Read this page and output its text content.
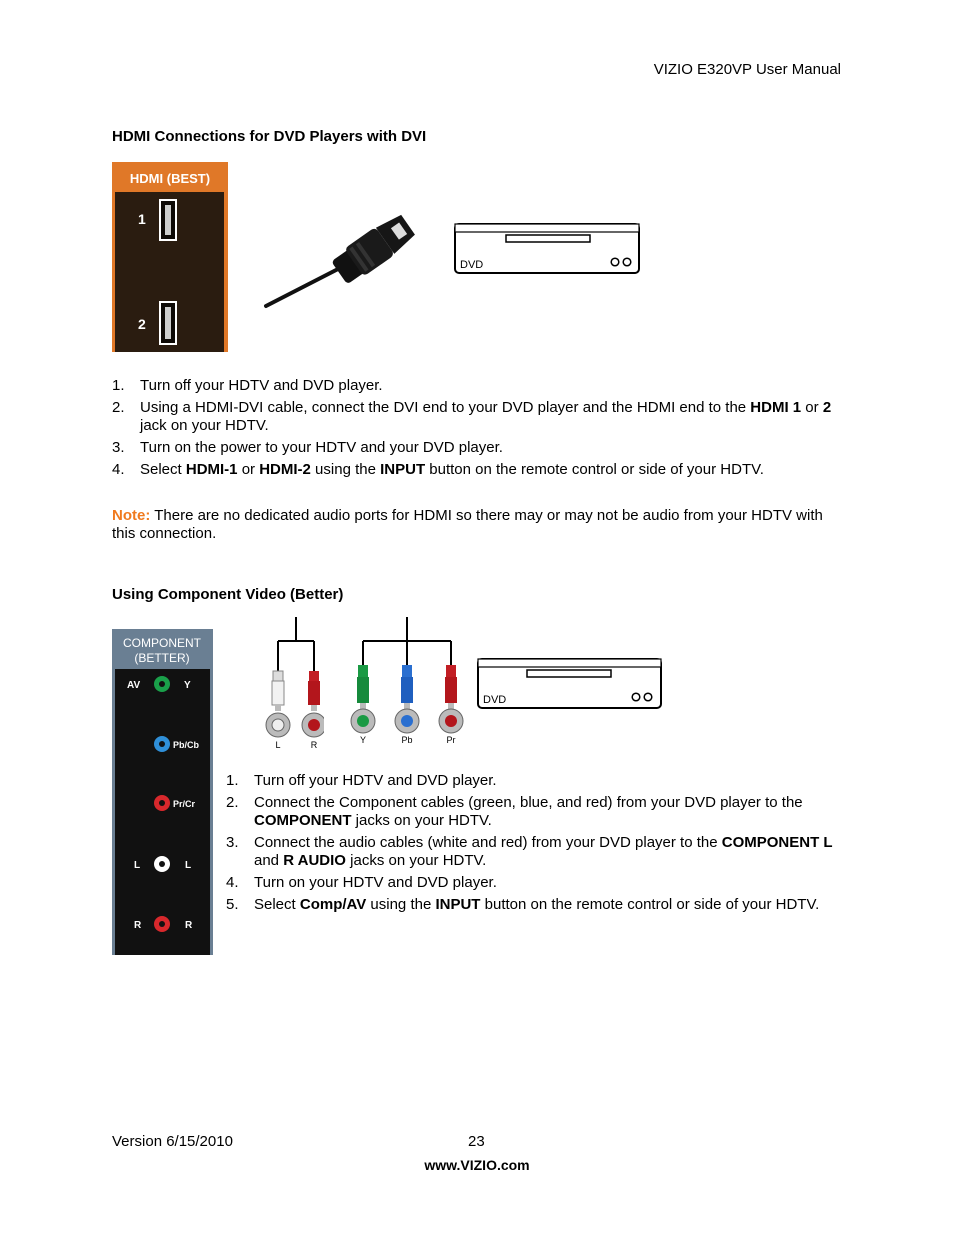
VIZIO E320VP User Manual
HDMI Connections for DVD Players with DVI
HDMI (BEST)
1
2
DVD
1. Turn off your HDTV and DVD player.
2. Using a HDMI-DVI cable, connect the DVI end to your DVD player and the HDMI end to the HDMI 1 or 2 jack on your HDTV.
3. Turn on the power to your HDTV and your DVD player.
4. Select HDMI-1 or HDMI-2 using the INPUT button on the remote control or side of your HDTV.
Note: There are no dedicated audio ports for HDMI so there may or may not be audio from your HDTV with this connection.
Using Component Video (Better)
COMPONENT
(BETTER)
AV	Y
Pb/Cb
Pr/Cr
L	L
R	R
L	R	Y	Pb	Pr
DVD
1. Turn off your HDTV and DVD player.
2. Connect the Component cables (green, blue, and red) from your DVD player to the COMPONENT jacks on your HDTV.
3. Connect the audio cables (white and red) from your DVD player to the COMPONENT L and R AUDIO jacks on your HDTV.
4. Turn on your HDTV and DVD player.
5. Select Comp/AV using the INPUT button on the remote control or side of your HDTV.
Version 6/15/2010	23
www.VIZIO.com
